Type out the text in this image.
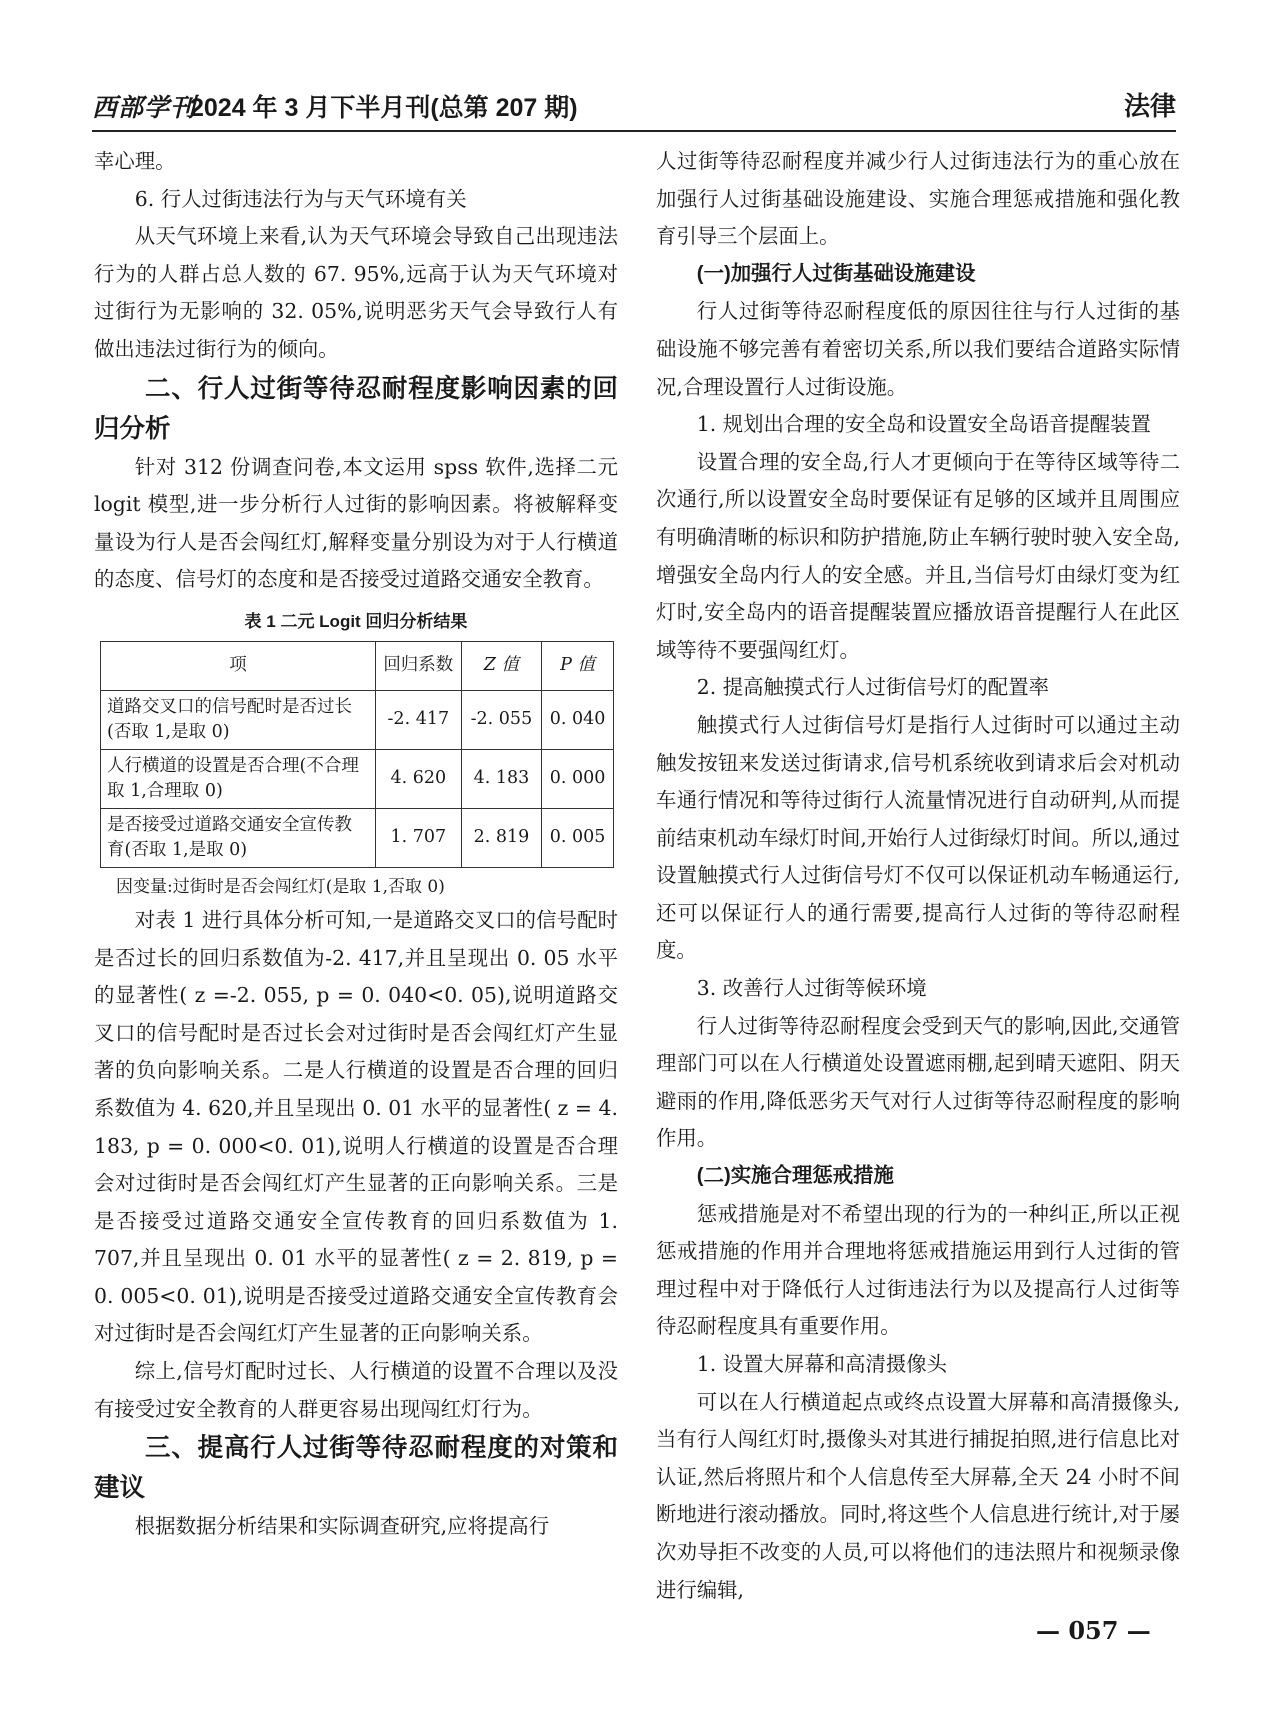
西部学刊
2024 年 3 月下半月刊(总第 207 期)	法律

幸心理。

6. 行人过街违法行为与天气环境有关

从天气环境上来看,认为天气环境会导致自己出现违法行为的人群占总人数的 67. 95%,远高于认为天气环境对过街行为无影响的 32. 05%,说明恶劣天气会导致行人有做出违法过街行为的倾向。

二、行人过街等待忍耐程度影响因素的回归分析

针对 312 份调查问卷,本文运用 spss 软件,选择二元 logit 模型,进一步分析行人过街的影响因素。将被解释变量设为行人是否会闯红灯,解释变量分别设为对于人行横道的态度、信号灯的态度和是否接受过道路交通安全教育。

表 1 二元 Logit 回归分析结果
项	回归系数	Z 值	P 值
道路交叉口的信号配时是否过长(否取 1,是取 0)	-2. 417	-2. 055	0. 040
人行横道的设置是否合理(不合理取 1,合理取 0)	4. 620	4. 183	0. 000
是否接受过道路交通安全宣传教育(否取 1,是取 0)	1. 707	2. 819	0. 005
因变量:过街时是否会闯红灯(是取 1,否取 0)

对表 1 进行具体分析可知,一是道路交叉口的信号配时是否过长的回归系数值为-2. 417,并且呈现出 0. 05 水平的显著性( z =-2. 055, p = 0. 040<0. 05),说明道路交叉口的信号配时是否过长会对过街时是否会闯红灯产生显著的负向影响关系。二是人行横道的设置是否合理的回归系数值为 4. 620,并且呈现出 0. 01 水平的显著性( z = 4. 183, p = 0. 000<0. 01),说明人行横道的设置是否合理会对过街时是否会闯红灯产生显著的正向影响关系。三是是否接受过道路交通安全宣传教育的回归系数值为 1. 707,并且呈现出 0. 01 水平的显著性( z = 2. 819, p = 0. 005<0. 01),说明是否接受过道路交通安全宣传教育会对过街时是否会闯红灯产生显著的正向影响关系。

综上,信号灯配时过长、人行横道的设置不合理以及没有接受过安全教育的人群更容易出现闯红灯行为。

三、提高行人过街等待忍耐程度的对策和建议

根据数据分析结果和实际调查研究,应将提高行

人过街等待忍耐程度并减少行人过街违法行为的重心放在加强行人过街基础设施建设、实施合理惩戒措施和强化教育引导三个层面上。

(一)加强行人过街基础设施建设

行人过街等待忍耐程度低的原因往往与行人过街的基础设施不够完善有着密切关系,所以我们要结合道路实际情况,合理设置行人过街设施。

1. 规划出合理的安全岛和设置安全岛语音提醒装置

设置合理的安全岛,行人才更倾向于在等待区域等待二次通行,所以设置安全岛时要保证有足够的区域并且周围应有明确清晰的标识和防护措施,防止车辆行驶时驶入安全岛,增强安全岛内行人的安全感。并且,当信号灯由绿灯变为红灯时,安全岛内的语音提醒装置应播放语音提醒行人在此区域等待不要强闯红灯。

2. 提高触摸式行人过街信号灯的配置率

触摸式行人过街信号灯是指行人过街时可以通过主动触发按钮来发送过街请求,信号机系统收到请求后会对机动车通行情况和等待过街行人流量情况进行自动研判,从而提前结束机动车绿灯时间,开始行人过街绿灯时间。所以,通过设置触摸式行人过街信号灯不仅可以保证机动车畅通运行,还可以保证行人的通行需要,提高行人过街的等待忍耐程度。

3. 改善行人过街等候环境

行人过街等待忍耐程度会受到天气的影响,因此,交通管理部门可以在人行横道处设置遮雨棚,起到晴天遮阳、阴天避雨的作用,降低恶劣天气对行人过街等待忍耐程度的影响作用。

(二)实施合理惩戒措施

惩戒措施是对不希望出现的行为的一种纠正,所以正视惩戒措施的作用并合理地将惩戒措施运用到行人过街的管理过程中对于降低行人过街违法行为以及提高行人过街等待忍耐程度具有重要作用。

1. 设置大屏幕和高清摄像头

可以在人行横道起点或终点设置大屏幕和高清摄像头,当有行人闯红灯时,摄像头对其进行捕捉拍照,进行信息比对认证,然后将照片和个人信息传至大屏幕,全天 24 小时不间断地进行滚动播放。同时,将这些个人信息进行统计,对于屡次劝导拒不改变的人员,可以将他们的违法照片和视频录像进行编辑,

— 057 —
